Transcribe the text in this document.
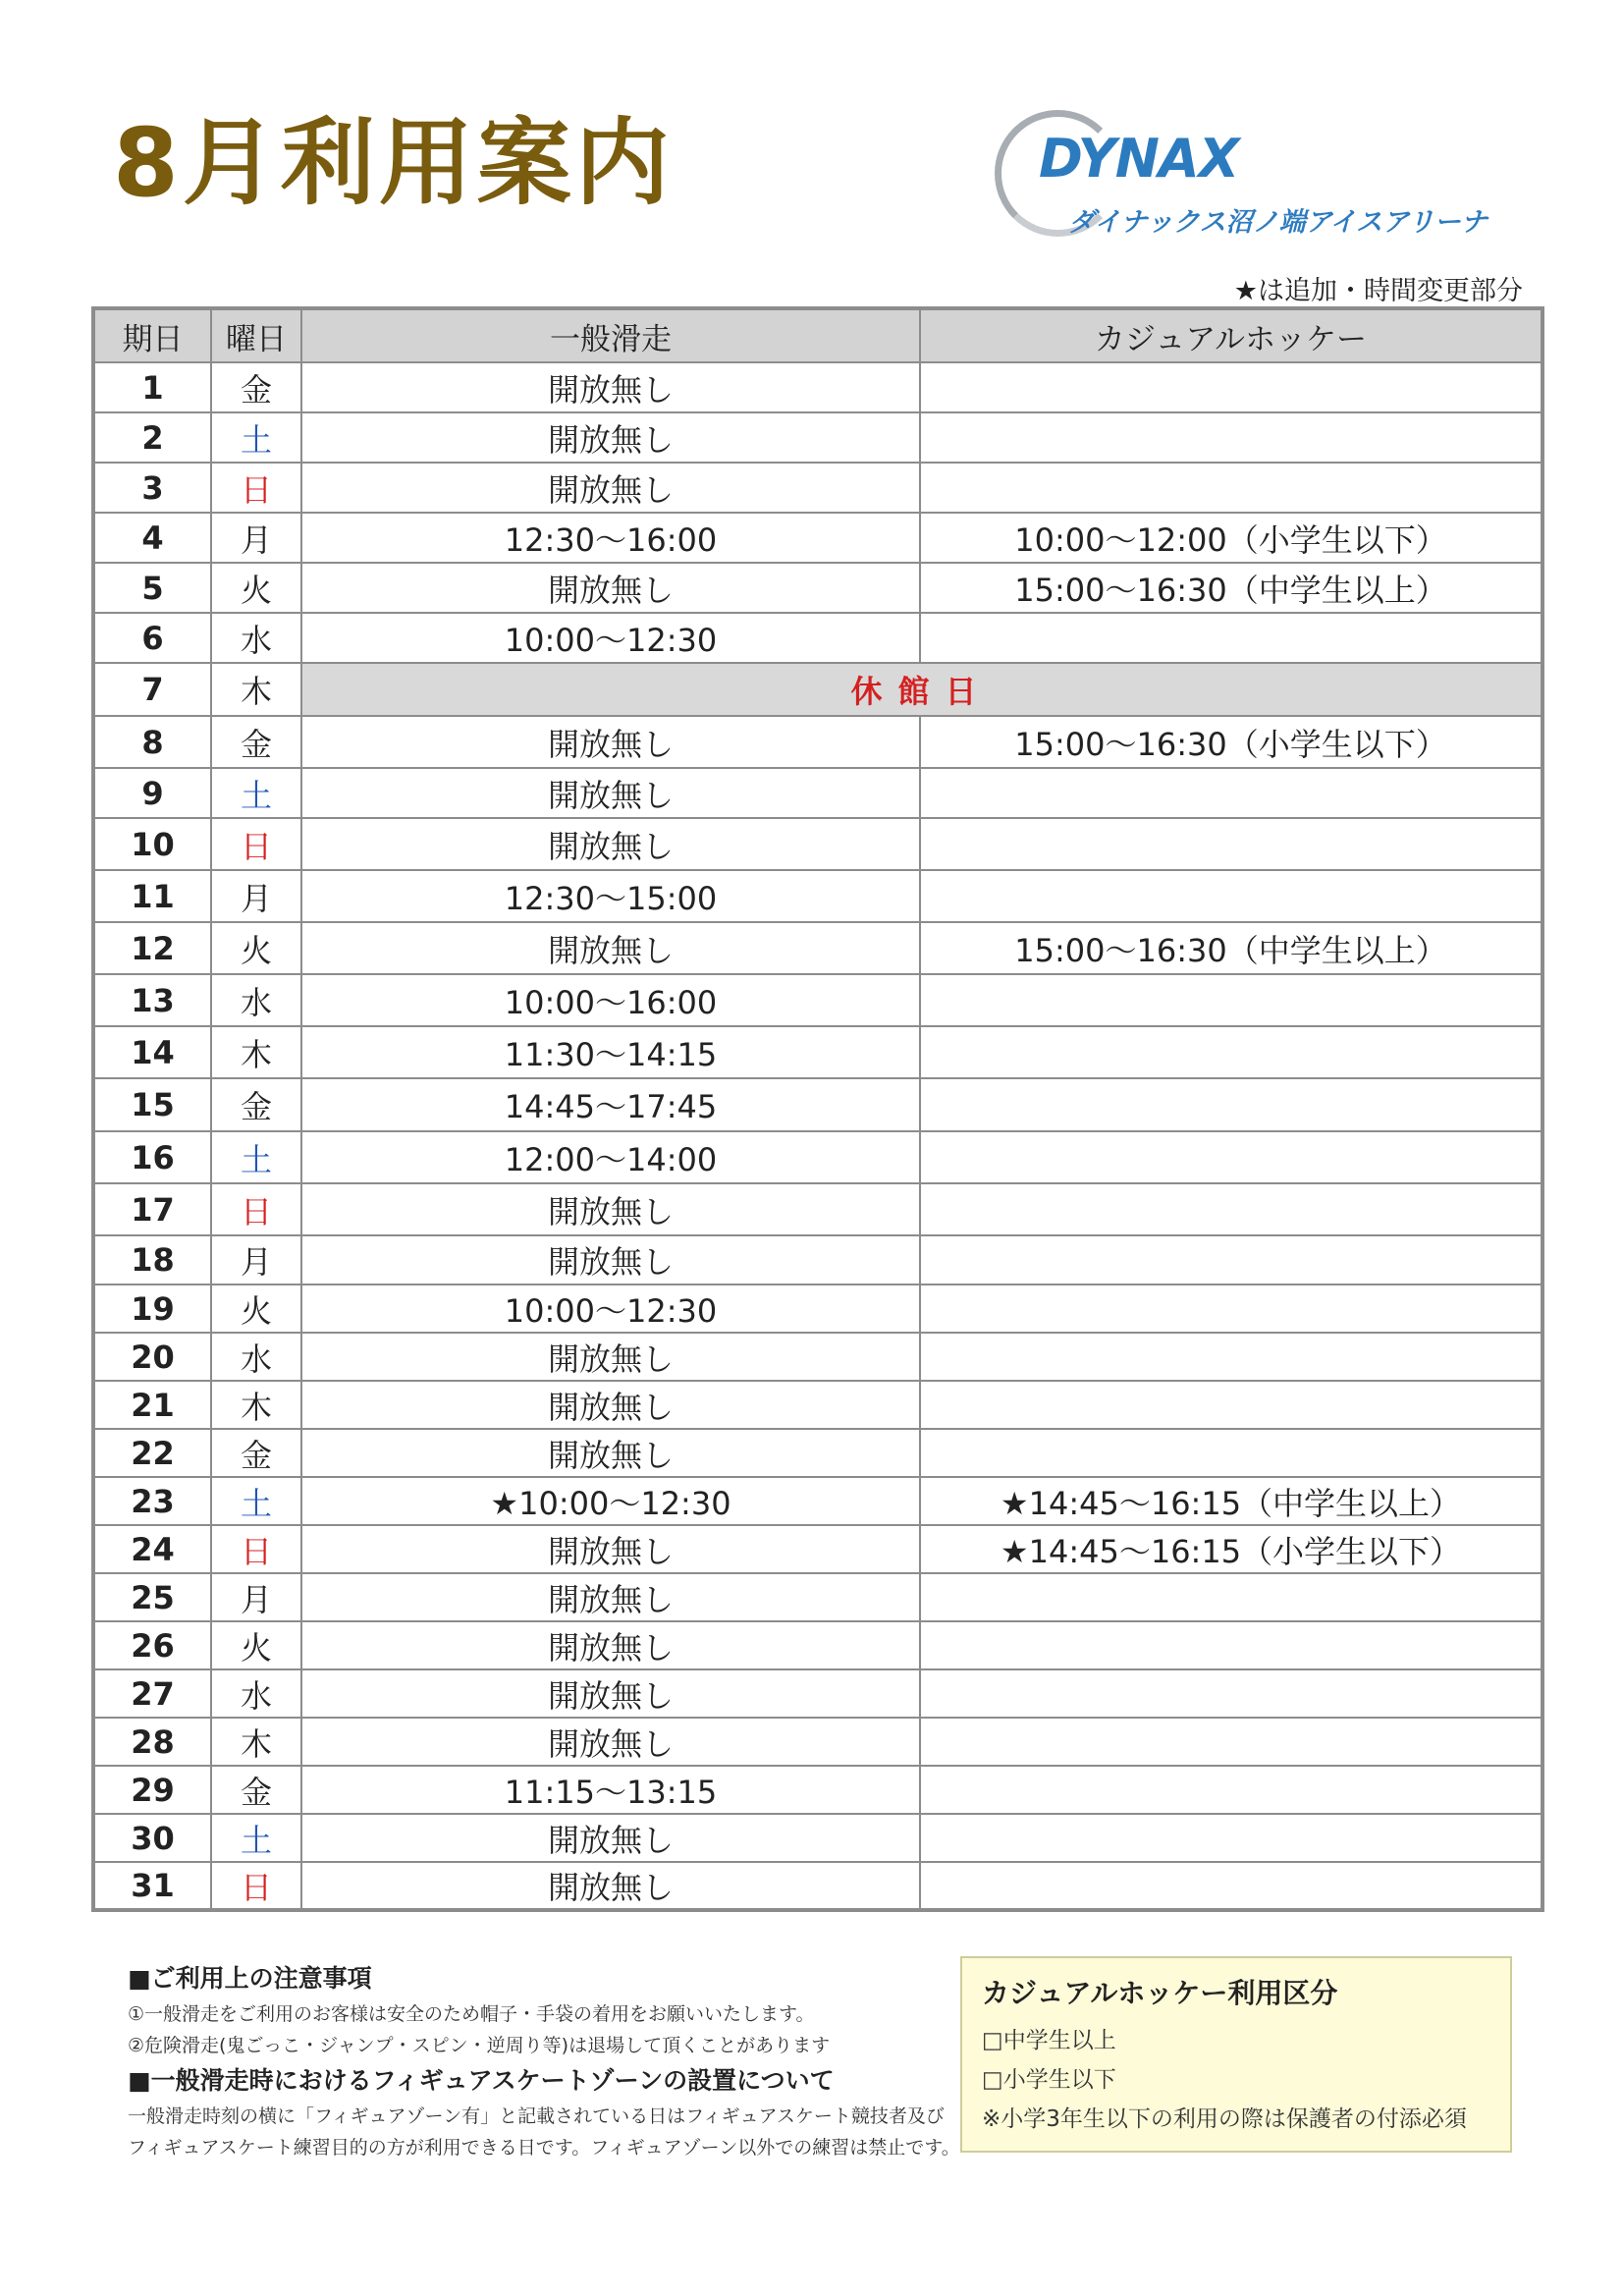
8月利用案内	DYNAX
ダイナックス沼ノ端アイスアリーナ
★は追加・時間変更部分
期日	曜日	一般滑走	カジュアルホッケー
1	金	開放無し	
2	土	開放無し	
3	日	開放無し	
4	月	12:30～16:00	10:00～12:00（小学生以下）
5	火	開放無し	15:00～16:30（中学生以上）
6	水	10:00～12:30	
7	木	休館日	
8	金	開放無し	15:00～16:30（小学生以下）
9	土	開放無し	
10	日	開放無し	
11	月	12:30～15:00	
12	火	開放無し	15:00～16:30（中学生以上）
13	水	10:00～16:00	
14	木	11:30～14:15	
15	金	14:45～17:45	
16	土	12:00～14:00	
17	日	開放無し	
18	月	開放無し	
19	火	10:00～12:30	
20	水	開放無し	
21	木	開放無し	
22	金	開放無し	
23	土	★10:00～12:30	★14:45～16:15（中学生以上）
24	日	開放無し	★14:45～16:15（小学生以下）
25	月	開放無し	
26	火	開放無し	
27	水	開放無し	
28	木	開放無し	
29	金	11:15～13:15	
30	土	開放無し	
31	日	開放無し	
■ご利用上の注意事項

①一般滑走をご利用のお客様は安全のため帽子・手袋の着用をお願いいたします。

②危険滑走(鬼ごっこ・ジャンプ・スピン・逆周り等)は退場して頂くことがあります

■一般滑走時におけるフィギュアスケートゾーンの設置について

一般滑走時刻の横に「フィギュアゾーン有」と記載されている日はフィギュアスケート競技者及び

フィギュアスケート練習目的の方が利用できる日です。フィギュアゾーン以外での練習は禁止です。

カジュアルホッケー利用区分

□中学生以上

□小学生以下

※小学3年生以下の利用の際は保護者の付添必須
